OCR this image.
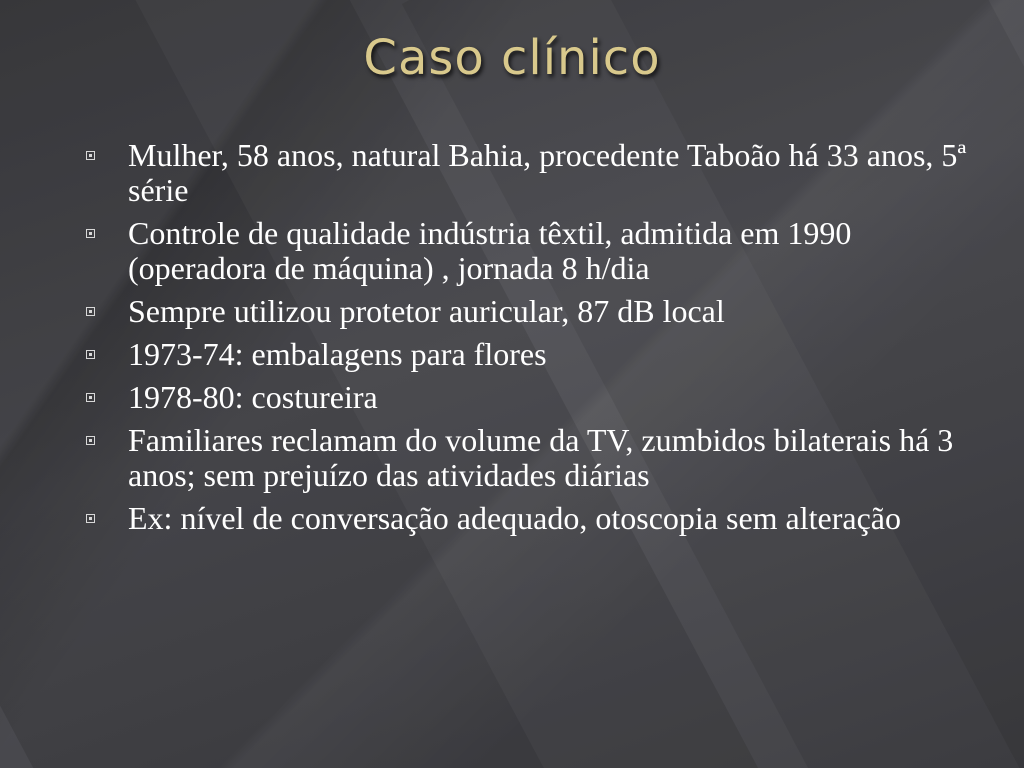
Caso clínico
Mulher, 58 anos, natural Bahia, procedente Taboão há 33 anos, 5ª série
Controle de qualidade indústria têxtil, admitida em 1990 (operadora de máquina) , jornada 8 h/dia
Sempre utilizou protetor auricular, 87 dB local
1973-74: embalagens para flores
1978-80: costureira
Familiares reclamam do volume da TV, zumbidos bilaterais há 3 anos; sem prejuízo das atividades diárias
Ex: nível de conversação adequado, otoscopia sem alteração
